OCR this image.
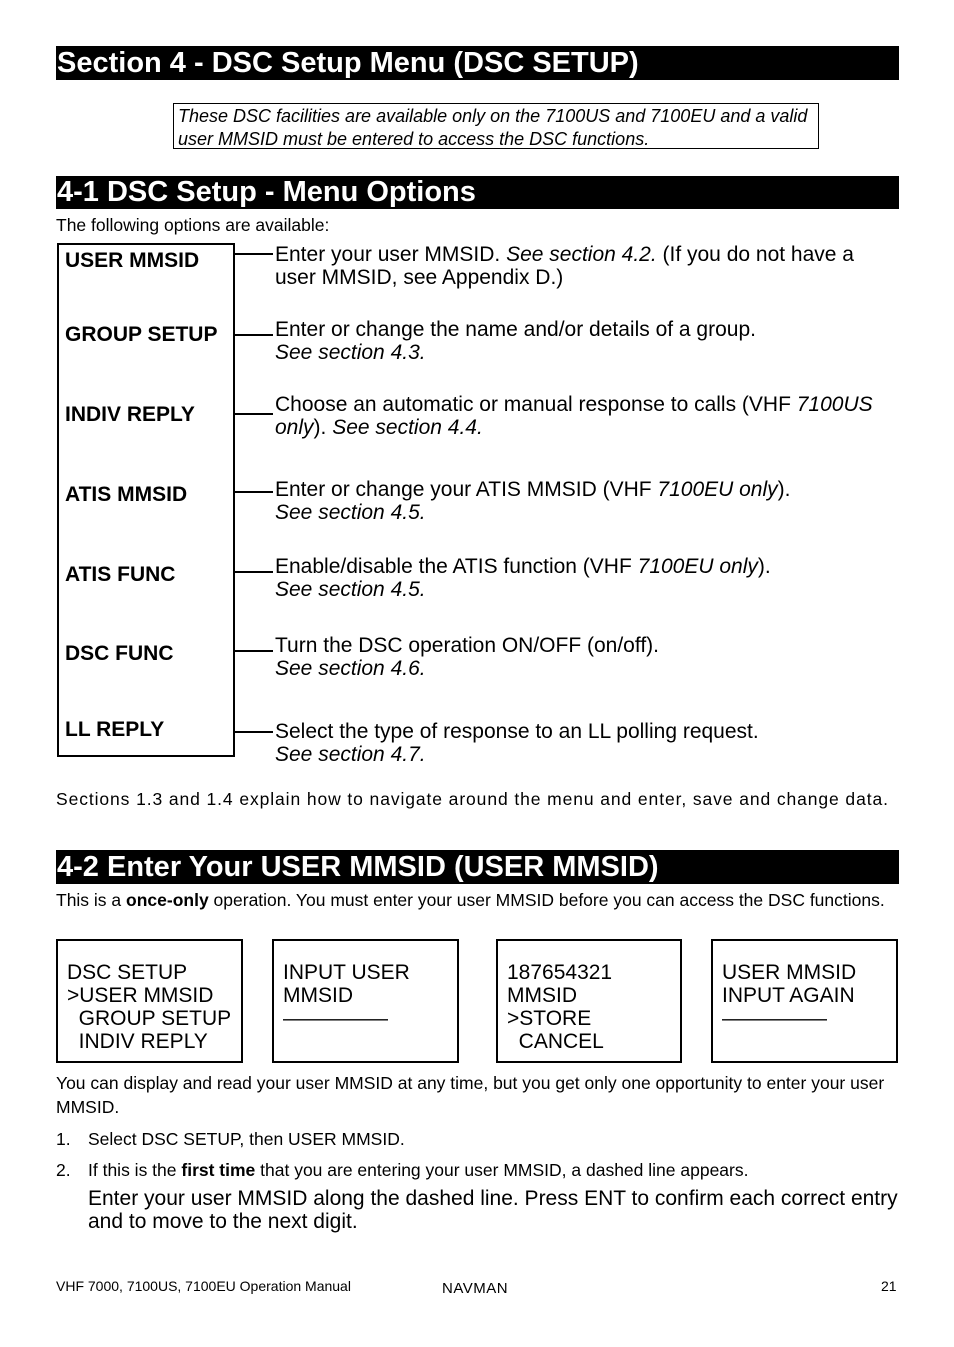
Section 4 - DSC Setup Menu (DSC SETUP)
These DSC facilities are available only on the 7100US and 7100EU and a valid user MMSID must be entered to access the DSC functions.
4-1 DSC Setup - Menu Options
The following options are available:
USER MMSID
GROUP SETUP
INDIV REPLY
ATIS MMSID
ATIS FUNC
DSC FUNC
LL REPLY
Enter your user MMSID. See section 4.2. (If you do not have a user MMSID, see Appendix D.)
Enter or change the name and/or details of a group.
See section 4.3.
Choose an automatic or manual response to calls (VHF 7100US only). See section 4.4.
Enter or change your ATIS MMSID (VHF 7100EU only).
See section 4.5.
Enable/disable the ATIS function (VHF 7100EU only).
See section 4.5.
Turn the DSC operation ON/OFF (on/off).
See section 4.6.
Select the type of response to an LL polling request.
See section 4.7.
Sections 1.3 and 1.4 explain how to navigate around the menu and enter, save and change data.
4-2 Enter Your USER MMSID (USER MMSID)
This is a once-only operation. You must enter your user MMSID before you can access the DSC functions.
DSC SETUP
>USER MMSID
GROUP SETUP
INDIV REPLY
INPUT USER
MMSID
—————
187654321
MMSID
>STORE
CANCEL
USER MMSID
INPUT AGAIN
—————
You can display and read your user MMSID at any time, but you get only one opportunity to enter your user MMSID.
1. Select DSC SETUP, then USER MMSID.
2. If this is the first time that you are entering your user MMSID, a dashed line appears.
Enter your user MMSID along the dashed line. Press ENT to confirm each correct entry and to move to the next digit.
VHF 7000, 7100US, 7100EU Operation Manual	NAVMAN	21
